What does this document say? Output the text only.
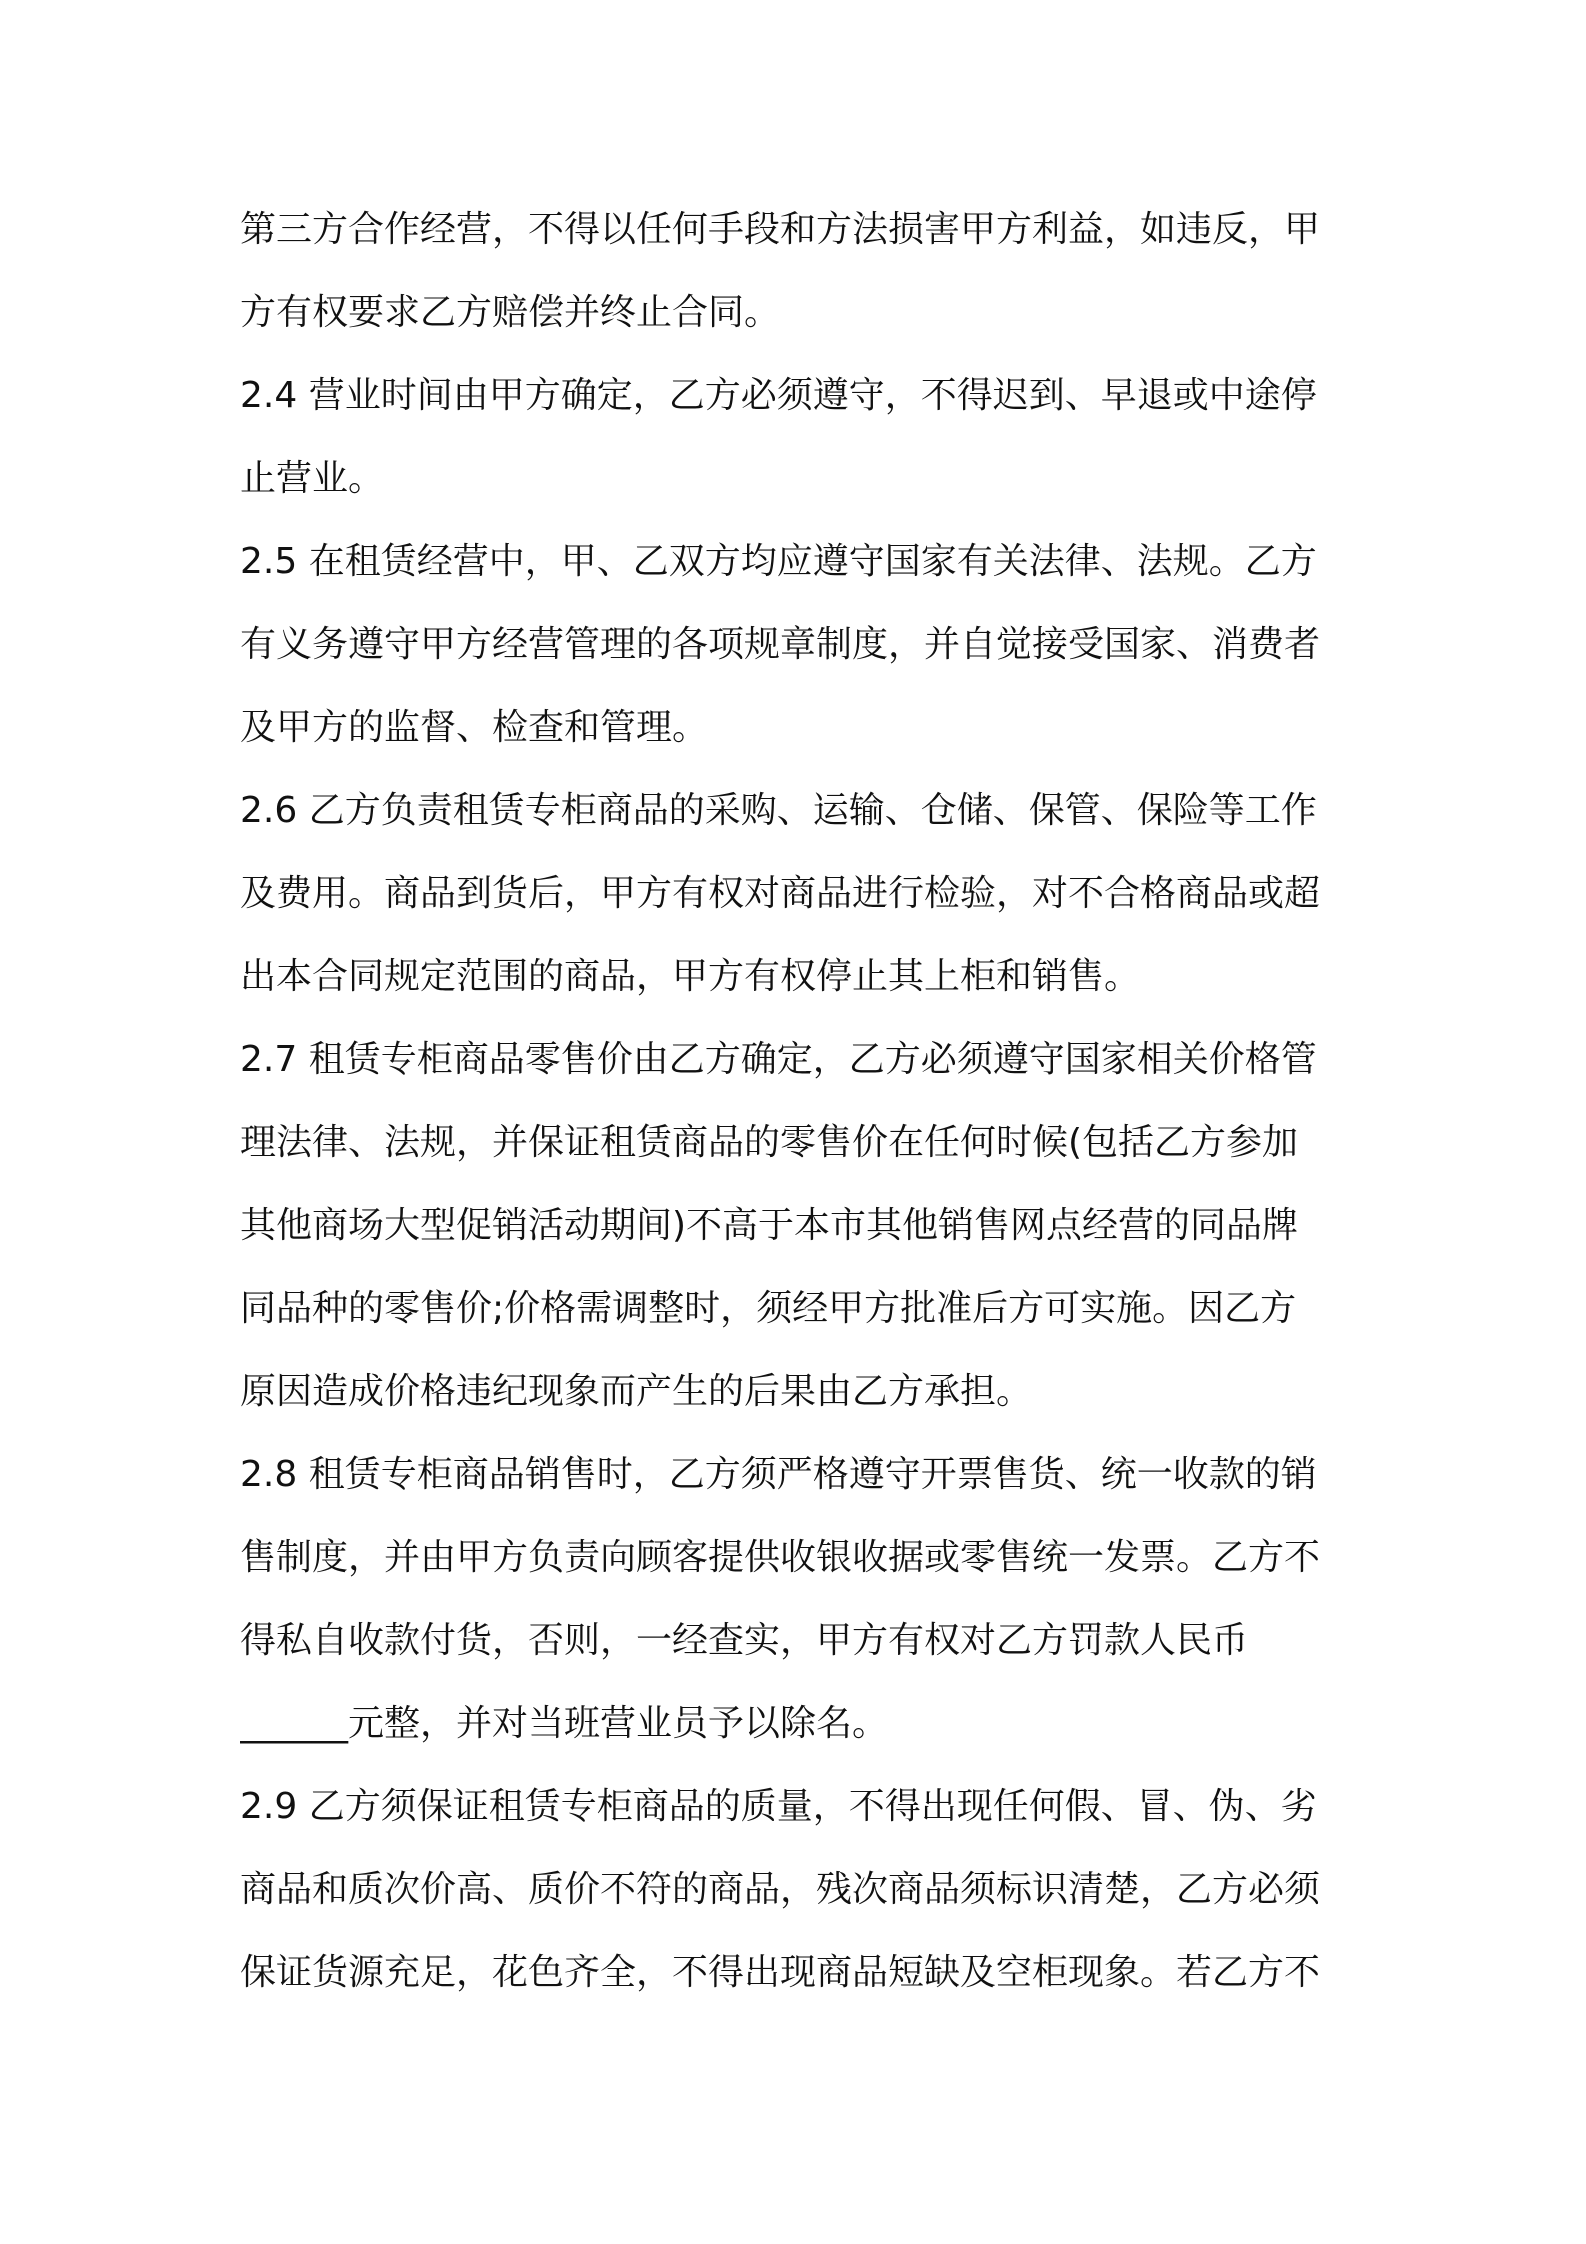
第三方合作经营，不得以任何手段和方法损害甲方利益，如违反，甲
方有权要求乙方赔偿并终止合同。
2.4 营业时间由甲方确定，乙方必须遵守，不得迟到、早退或中途停
止营业。
2.5 在租赁经营中，甲、乙双方均应遵守国家有关法律、法规。乙方
有义务遵守甲方经营管理的各项规章制度，并自觉接受国家、消费者
及甲方的监督、检查和管理。
2.6 乙方负责租赁专柜商品的采购、运输、仓储、保管、保险等工作
及费用。商品到货后，甲方有权对商品进行检验，对不合格商品或超
出本合同规定范围的商品，甲方有权停止其上柜和销售。
2.7 租赁专柜商品零售价由乙方确定，乙方必须遵守国家相关价格管
理法律、法规，并保证租赁商品的零售价在任何时候(包括乙方参加
其他商场大型促销活动期间)不高于本市其他销售网点经营的同品牌
同品种的零售价;价格需调整时，须经甲方批准后方可实施。因乙方
原因造成价格违纪现象而产生的后果由乙方承担。
2.8 租赁专柜商品销售时，乙方须严格遵守开票售货、统一收款的销
售制度，并由甲方负责向顾客提供收银收据或零售统一发票。乙方不
得私自收款付货，否则，一经查实，甲方有权对乙方罚款人民币
______元整，并对当班营业员予以除名。
2.9 乙方须保证租赁专柜商品的质量，不得出现任何假、冒、伪、劣
商品和质次价高、质价不符的商品，残次商品须标识清楚，乙方必须
保证货源充足，花色齐全，不得出现商品短缺及空柜现象。若乙方不
